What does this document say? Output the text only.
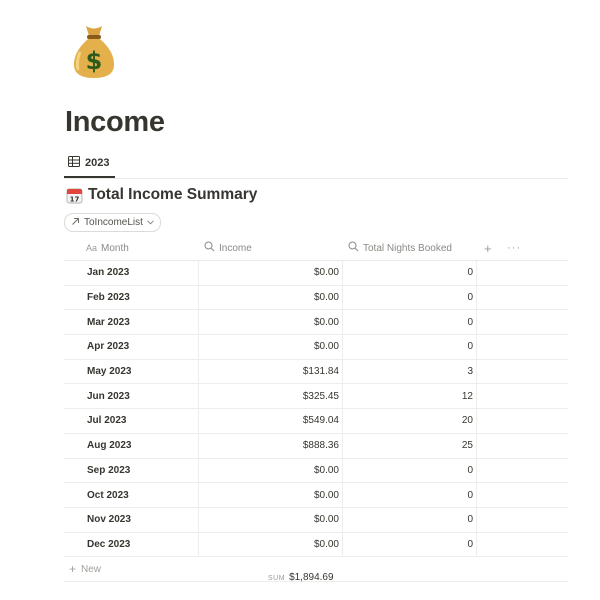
$
Income
2023
17 Total Income Summary
ToIncomeList
Aa Month	Income	Total Nights Booked + ···
Jan 2023	$0.00	0
Feb 2023	$0.00	0
Mar 2023	$0.00	0
Apr 2023	$0.00	0
May 2023	$131.84	3
Jun 2023	$325.45	12
Jul 2023	$549.04	20
Aug 2023	$888.36	25
Sep 2023	$0.00	0
Oct 2023	$0.00	0
Nov 2023	$0.00	0
Dec 2023	$0.00	0
+ New
SUM $1,894.69
